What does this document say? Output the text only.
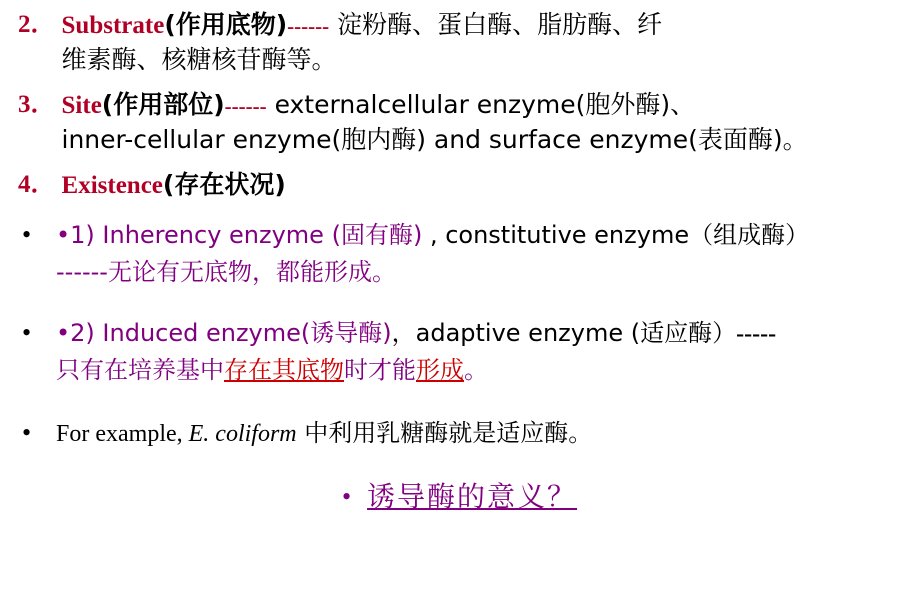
2． Substrate(作用底物)------ 淀粉酶、蛋白酶、脂肪酶、纤
维素酶、核糖核苷酶等。
3． Site(作用部位)------ externalcellular enzyme(胞外酶)、
inner-cellular enzyme(胞内酶) and surface enzyme(表面酶)。
4． Existence(存在状况)
•	•1) Inherency enzyme (固有酶) , constitutive enzyme（组成酶）
------无论有无底物，都能形成。
•	•2) Induced enzyme(诱导酶)，adaptive enzyme (适应酶）-----
只有在培养基中存在其底物时才能形成。
•	For example, E. coliform 中利用乳糖酶就是适应酶。
• 诱导酶的意义？
